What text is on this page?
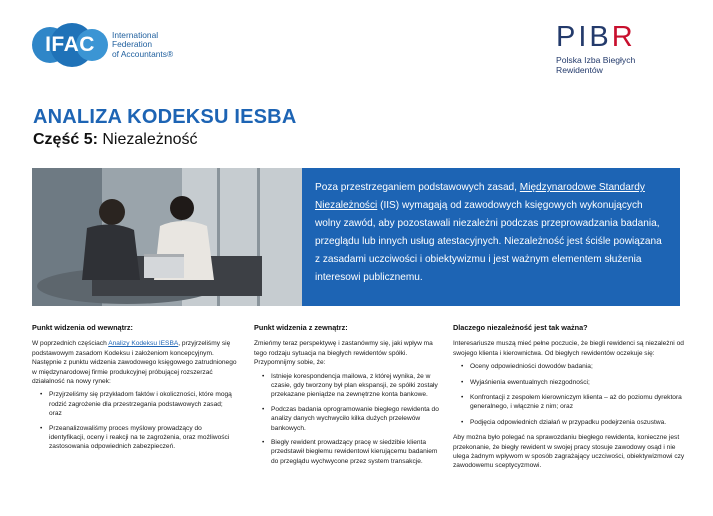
IFAC	International
Federation
of Accountants®
PIBR
Polska Izba Biegłych
Rewidentów
ANALIZA KODEKSU IESBA
Część 5: Niezależność
Poza przestrzeganiem podstawowych zasad, Międzynarodowe Standardy Niezależności (IIS) wymagają od zawodowych księgowych wykonujących wolny zawód, aby pozostawali niezależni podczas przeprowadzania badania, przeglądu lub innych usług atestacyjnych. Niezależność jest ściśle powiązana z zasadami uczciwości i obiektywizmu i jest ważnym elementem służenia interesowi publicznemu.
Punkt widzenia od wewnątrz:

W poprzednich częściach Analizy Kodeksu IESBA, przyjrzeliśmy się podstawowym zasadom Kodeksu i założeniom koncepcyjnym. Następnie z punktu widzenia zawodowego księgowego zatrudnionego w międzynarodowej firmie produkcyjnej próbującej rozszerzać działalność na nowy rynek:

• Przyjrzeliśmy się przykładom faktów i okoliczności, które mogą rodzić zagrożenie dla przestrzegania podstawowych zasad; oraz
• Przeanalizowaliśmy proces myślowy prowadzący do identyfikacji, oceny i reakcji na te zagrożenia, oraz możliwości zastosowania odpowiednich zabezpieczeń.
Punkt widzenia z zewnątrz:

Zmieńmy teraz perspektywę i zastanówmy się, jaki wpływ ma tego rodzaju sytuacja na biegłych rewidentów spółki. Przypomnijmy sobie, że:

• Istnieje korespondencja mailowa, z której wynika, że w czasie, gdy tworzony był plan ekspansji, ze spółki zostały przekazane pieniądze na zewnętrzne konta bankowe.
• Podczas badania oprogramowanie biegłego rewidenta do analizy danych wychwyciło kilka dużych przelewów bankowych.
• Biegły rewident prowadzący pracę w siedzibie klienta przedstawił biegłemu rewidentowi kierującemu badaniem do przeglądu wychwycone przez system transakcje.
Dlaczego niezależność jest tak ważna?

Interesariusze muszą mieć pełne poczucie, że biegli rewidenci są niezależni od swojego klienta i kierownictwa. Od biegłych rewidentów oczekuje się:

• Oceny odpowiedniości dowodów badania;
• Wyjaśnienia ewentualnych niezgodności;
• Konfrontacji z zespołem kierowniczym klienta – aż do poziomu dyrektora generalnego, i włącznie z nim; oraz
• Podjęcia odpowiednich działań w przypadku podejrzenia oszustwa.

Aby można było polegać na sprawozdaniu biegłego rewidenta, konieczne jest przekonanie, że biegły rewident w swojej pracy stosuje zawodowy osąd i nie ulega żadnym wpływom w sposób zagrażający uczciwości, obiektywizmowi czy zawodowemu sceptycyzmowi.
